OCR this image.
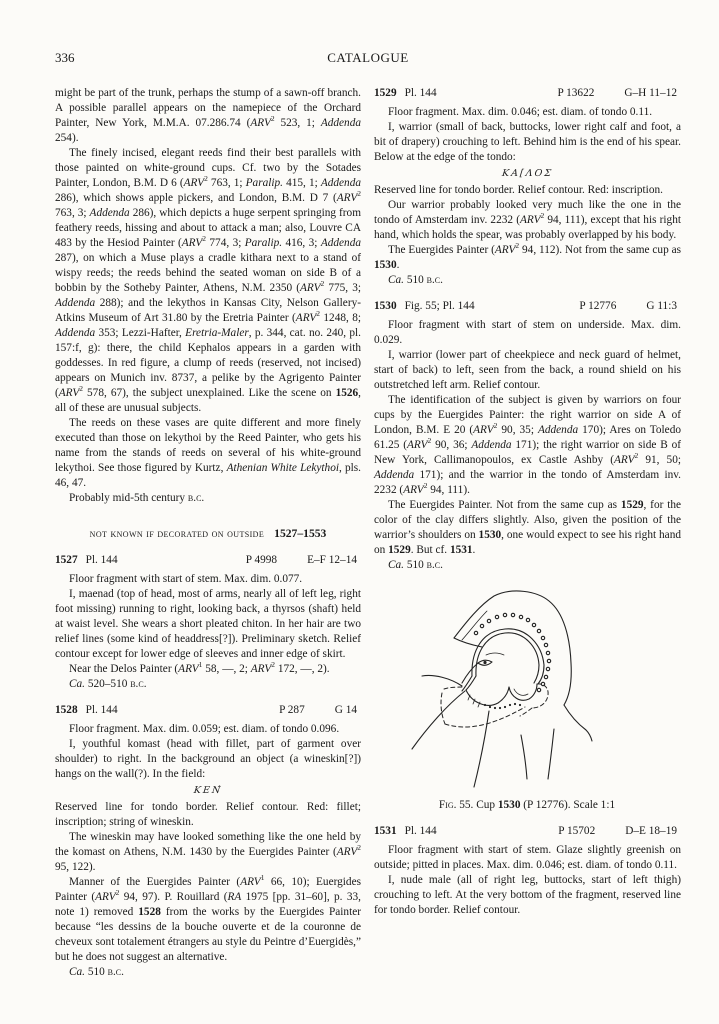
336	CATALOGUE

might be part of the trunk, perhaps the stump of a sawn-off branch. A possible parallel appears on the namepiece of the Orchard Painter, New York, M.M.A. 07.286.74 (ARV$^2$ 523, 1; Addenda 254).

The finely incised, elegant reeds find their best parallels with those painted on white-ground cups. Cf. two by the Sotades Painter, London, B.M. D 6 (ARV$^2$ 763, 1; Paralip. 415, 1; Addenda 286), which shows apple pickers, and London, B.M. D 7 (ARV$^2$ 763, 3; Addenda 286), which depicts a huge serpent springing from feathery reeds, hissing and about to attack a man; also, Louvre CA 483 by the Hesiod Painter (ARV$^2$ 774, 3; Paralip. 416, 3; Addenda 287), on which a Muse plays a cradle kithara next to a stand of wispy reeds; the reeds behind the seated woman on side B of a bobbin by the Sotheby Painter, Athens, N.M. 2350 (ARV$^2$ 775, 3; Addenda 288); and the lekythos in Kansas City, Nelson Gallery-Atkins Museum of Art 31.80 by the Eretria Painter (ARV$^2$ 1248, 8; Addenda 353; Lezzi-Hafter, Eretria-Maler, p. 344, cat. no. 240, pl. 157:f, g): there, the child Kephalos appears in a garden with goddesses. In red figure, a clump of reeds (reserved, not incised) appears on Munich inv. 8737, a pelike by the Agrigento Painter (ARV$^2$ 578, 67), the subject unexplained. Like the scene on 1526, all of these are unusual subjects.

The reeds on these vases are quite different and more finely executed than those on lekythoi by the Reed Painter, who gets his name from the stands of reeds on several of his white-ground lekythoi. See those figured by Kurtz, Athenian White Lekythoi, pls. 46, 47.

Probably mid-5th century b.c.

not known if decorated on outside 1527–1553
1527 Pl. 144	P 4998	E–F 12–14

Floor fragment with start of stem. Max. dim. 0.077.

I, maenad (top of head, most of arms, nearly all of left leg, right foot missing) running to right, looking back, a thyrsos (shaft) held at waist level. She wears a short pleated chiton. In her hair are two relief lines (some kind of headdress[?]). Preliminary sketch. Relief contour except for lower edge of sleeves and inner edge of skirt.

Near the Delos Painter (ARV$^1$ 58, —, 2; ARV$^2$ 172, —, 2).

Ca. 520–510 b.c.

1528 Pl. 144	P 287	G 14

Floor fragment. Max. dim. 0.059; est. diam. of tondo 0.096.

I, youthful komast (head with fillet, part of garment over shoulder) to right. In the background an object (a wineskin[?]) hangs on the wall(?). In the field:

ΚΕΝ́

Reserved line for tondo border. Relief contour. Red: fillet; inscription; string of wineskin.

The wineskin may have looked something like the one held by the komast on Athens, N.M. 1430 by the Euergides Painter (ARV$^2$ 95, 122).

Manner of the Euergides Painter (ARV$^1$ 66, 10); Euergides Painter (ARV$^2$ 94, 97). P. Rouillard (RA 1975 [pp. 31–60], p. 33, note 1) removed 1528 from the works by the Euergides Painter because “les dessins de la bouche ouverte et de la couronne de cheveux sont totalement étrangers au style du Peintre d’Euergidès,” but he does not suggest an alternative.

Ca. 510 b.c.

1529 Pl. 144	P 13622	G–H 11–12

Floor fragment. Max. dim. 0.046; est. diam. of tondo 0.11.

I, warrior (small of back, buttocks, lower right calf and foot, a bit of drapery) crouching to left. Behind him is the end of his spear. Below at the edge of the tondo:

ΚΑ[ΛΟΣ

Reserved line for tondo border. Relief contour. Red: inscription.

Our warrior probably looked very much like the one in the tondo of Amsterdam inv. 2232 (ARV$^2$ 94, 111), except that his right hand, which holds the spear, was probably overlapped by his body.

The Euergides Painter (ARV$^2$ 94, 112). Not from the same cup as 1530.

Ca. 510 b.c.

1530 Fig. 55; Pl. 144	P 12776	G 11:3

Floor fragment with start of stem on underside. Max. dim. 0.029.

I, warrior (lower part of cheekpiece and neck guard of helmet, start of back) to left, seen from the back, a round shield on his outstretched left arm. Relief contour.

The identification of the subject is given by warriors on four cups by the Euergides Painter: the right warrior on side A of London, B.M. E 20 (ARV$^2$ 90, 35; Addenda 170); Ares on Toledo 61.25 (ARV$^2$ 90, 36; Addenda 171); the right warrior on side B of New York, Callimanopoulos, ex Castle Ashby (ARV$^2$ 91, 50; Addenda 171); and the warrior in the tondo of Amsterdam inv. 2232 (ARV$^2$ 94, 111).

The Euergides Painter. Not from the same cup as 1529, for the color of the clay differs slightly. Also, given the position of the warrior’s shoulders on 1530, one would expect to see his right hand on 1529. But cf. 1531.

Ca. 510 b.c.

Fig. 55. Cup 1530 (P 12776). Scale 1:1
1531 Pl. 144	P 15702	D–E 18–19

Floor fragment with start of stem. Glaze slightly greenish on outside; pitted in places. Max. dim. 0.046; est. diam. of tondo 0.11.

I, nude male (all of right leg, buttocks, start of left thigh) crouching to left. At the very bottom of the fragment, reserved line for tondo border. Relief contour.
